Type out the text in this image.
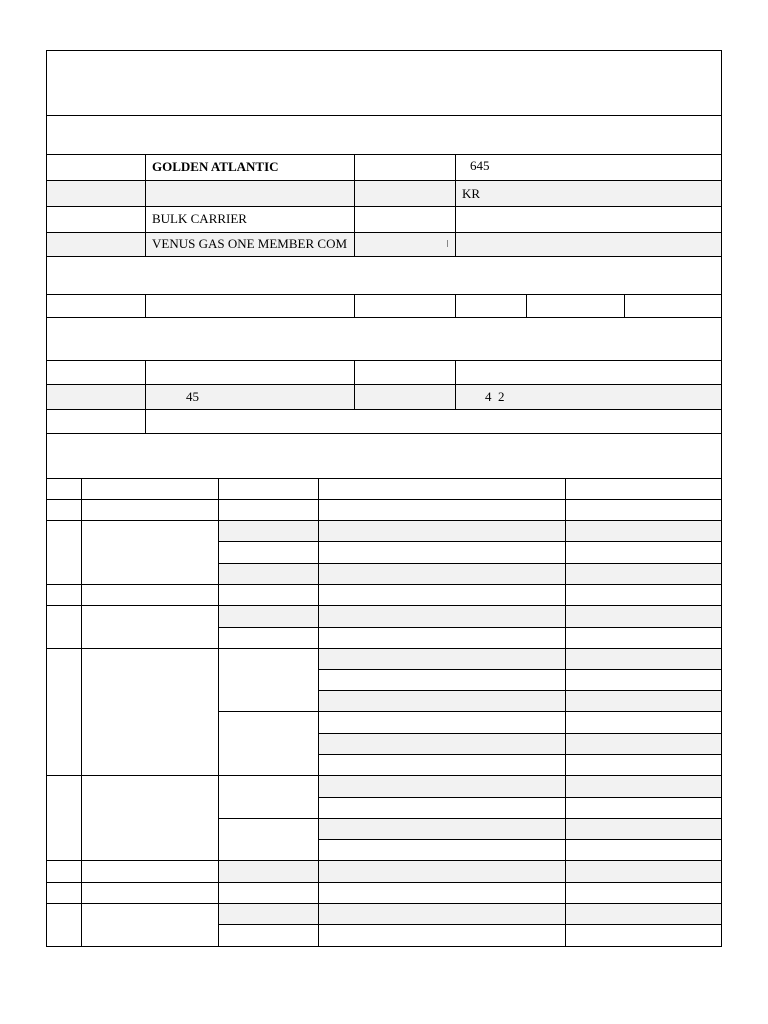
GOLDEN ATLANTIC	645
KR
BULK CARRIER
VENUS GAS ONE MEMBER COM
45	4  2
